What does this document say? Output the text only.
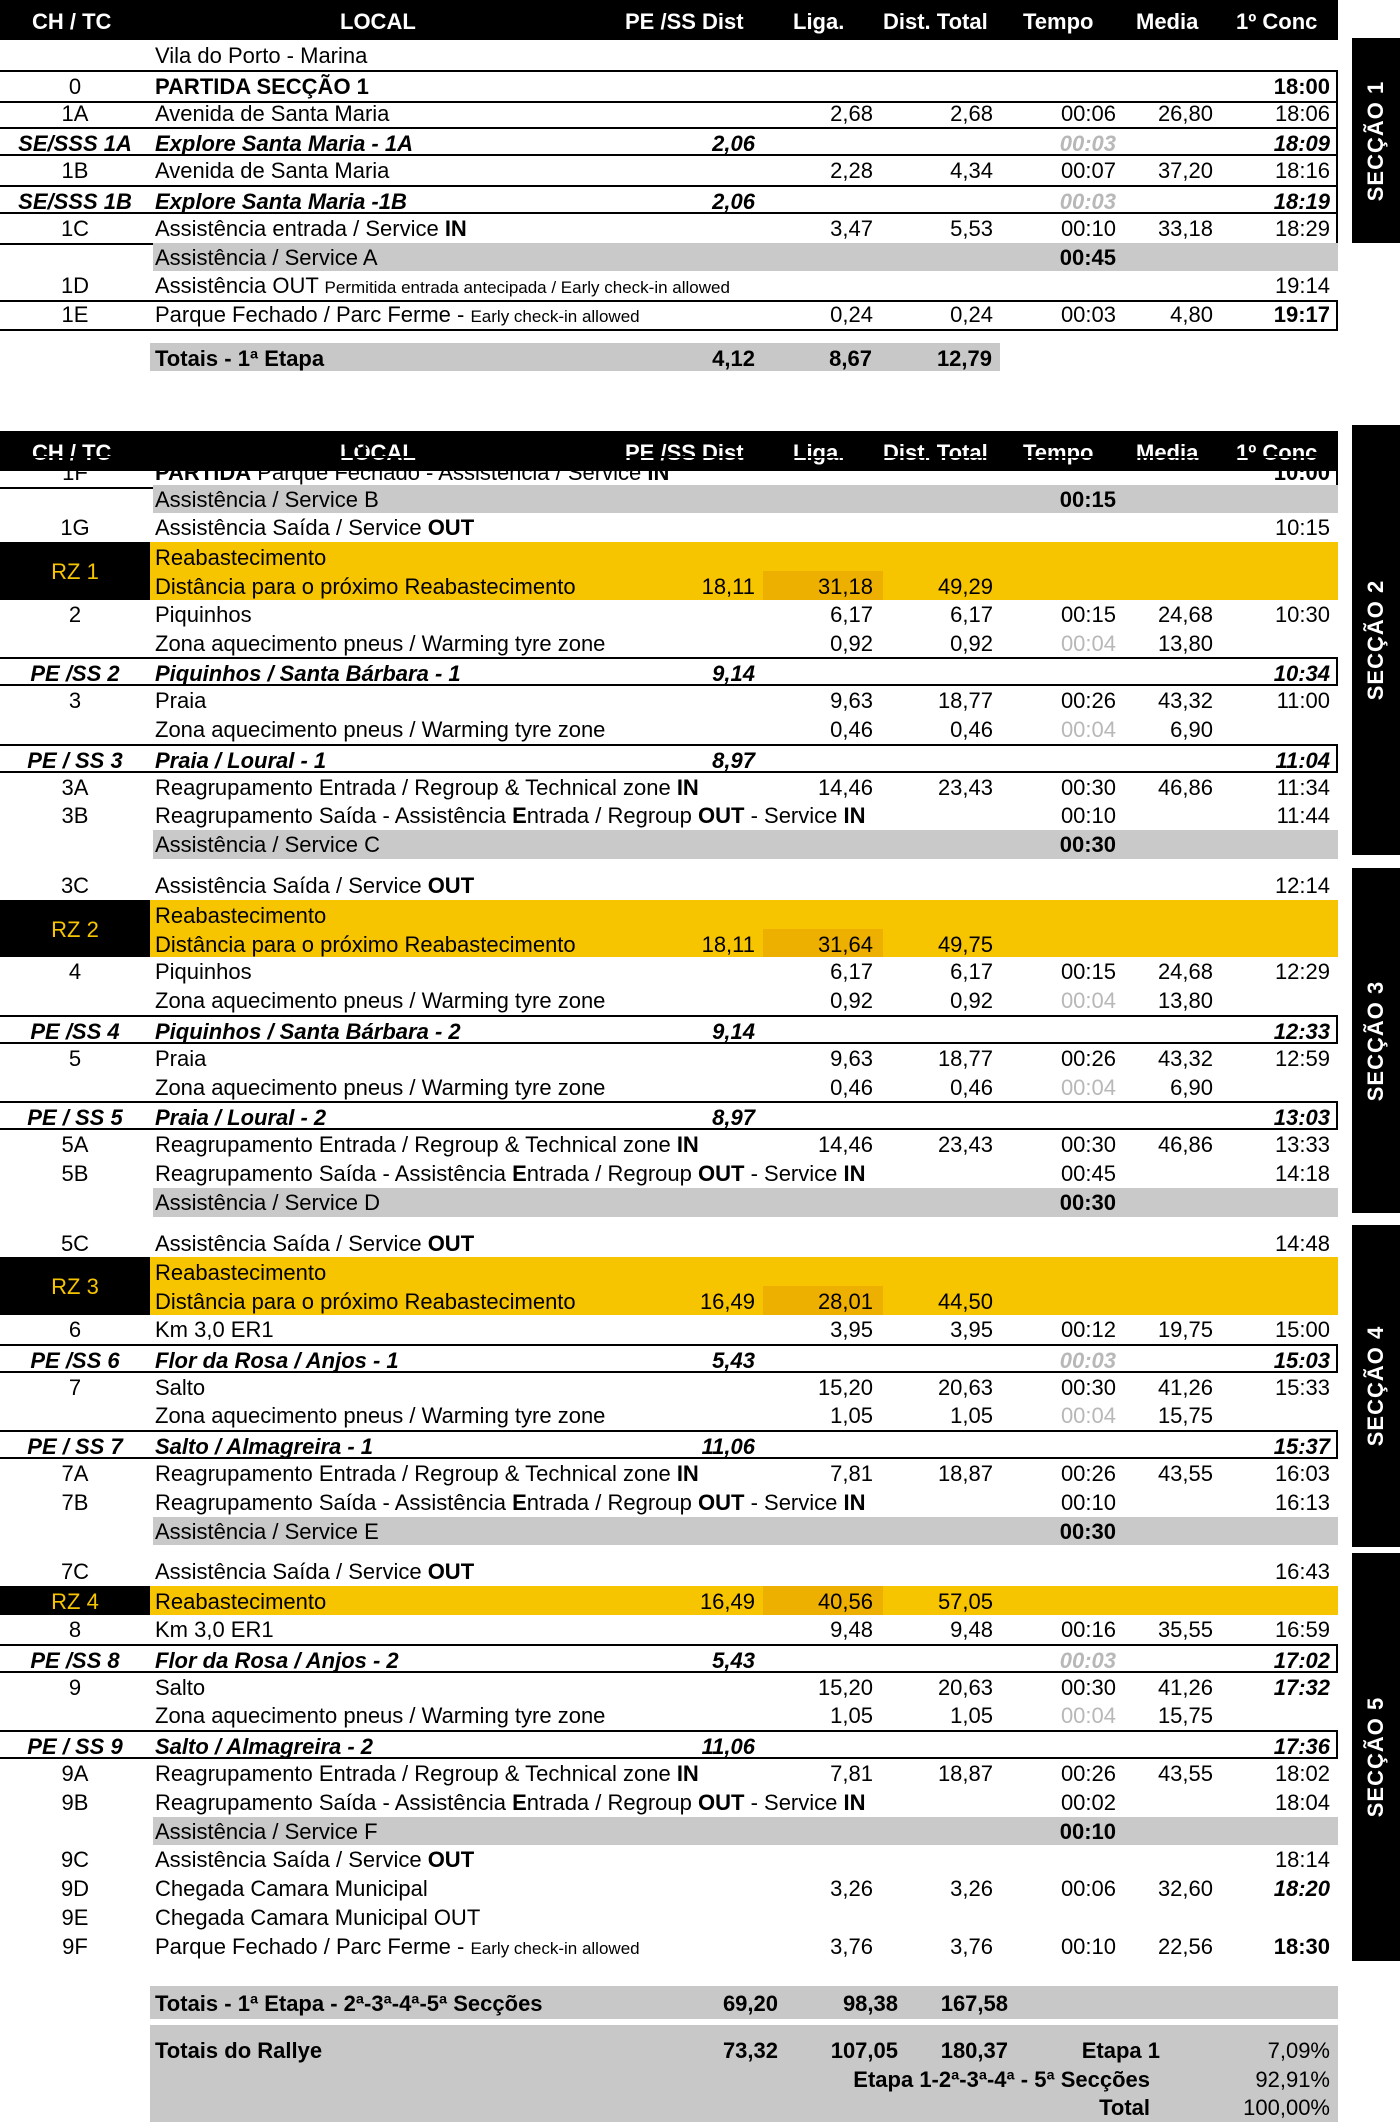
CH / TC	LOCAL	PE /SS Dist Liga. Dist. Total Tempo Media 1º Conc
Vila do Porto - Marina
0	PARTIDA SECÇÃO 1	18:00
1A	Avenida de Santa Maria	2,68	2,68	00:06 26,80	18:06
SE/SSS 1A	Explore Santa Maria - 1A	2,06	00:03	18:09
1B	Avenida de Santa Maria	2,28	4,34	00:07 37,20	18:16
SE/SSS 1B	Explore Santa Maria -1B	2,06	00:03	18:19
1C	Assistência entrada / Service IN	3,47	5,53	00:10 33,18	18:29
Assistência / Service A	00:45
1D	Assistência OUT Permitida entrada antecipada / Early check-in allowed	19:14
1E	Parque Fechado / Parc Ferme - Early check-in allowed	0,24	0,24	00:03 4,80	19:17
Totais - 1ª Etapa	4,12	8,67	12,79
CH / TC	LOCAL	PE /SS Dist Liga. Dist. Total Tempo Media 1º Conc
Vila do Porto - Marina
1F	PARTIDA Parque Fechado - Assistência / Service IN	10:00
Assistência / Service B	00:15
1G	Assistência Saída / Service OUT	10:15
RZ 1
Reabastecimento
Distância para o próximo Reabastecimento	18,11	31,18	49,29
2	Piquinhos	6,17	6,17	00:15 24,68	10:30
Zona aquecimento pneus / Warming tyre zone	0,92	0,92	00:04 13,80
PE /SS 2	Piquinhos / Santa Bárbara - 1	9,14	10:34
3	Praia	9,63	18,77	00:26 43,32	11:00
Zona aquecimento pneus / Warming tyre zone	0,46	0,46	00:04 6,90
PE / SS 3	Praia / Loural - 1	8,97	11:04
3A	Reagrupamento Entrada / Regroup & Technical zone IN	14,46	23,43	00:30 46,86	11:34
3B	Reagrupamento Saída - Assistência Entrada / Regroup OUT - Service IN	00:10	11:44
Assistência / Service C	00:30
3C	Assistência Saída / Service OUT	12:14
RZ 2
Reabastecimento
Distância para o próximo Reabastecimento	18,11	31,64	49,75
4	Piquinhos	6,17	6,17	00:15 24,68	12:29
Zona aquecimento pneus / Warming tyre zone	0,92	0,92	00:04 13,80
PE /SS 4	Piquinhos / Santa Bárbara - 2	9,14	12:33
5	Praia	9,63	18,77	00:26 43,32	12:59
Zona aquecimento pneus / Warming tyre zone	0,46	0,46	00:04 6,90
PE / SS 5	Praia / Loural - 2	8,97	13:03
5A	Reagrupamento Entrada / Regroup & Technical zone IN	14,46	23,43	00:30 46,86	13:33
5B	Reagrupamento Saída - Assistência Entrada / Regroup OUT - Service IN	00:45	14:18
Assistência / Service D	00:30
5C	Assistência Saída / Service OUT	14:48
RZ 3
Reabastecimento
Distância para o próximo Reabastecimento	16,49	28,01	44,50
6	Km 3,0 ER1	3,95	3,95	00:12 19,75	15:00
PE /SS 6	Flor da Rosa / Anjos - 1	5,43	00:03	15:03
7	Salto	15,20	20,63	00:30 41,26	15:33
Zona aquecimento pneus / Warming tyre zone	1,05	1,05	00:04 15,75
PE / SS 7	Salto / Almagreira - 1	11,06	15:37
7A	Reagrupamento Entrada / Regroup & Technical zone IN	7,81	18,87	00:26 43,55	16:03
7B	Reagrupamento Saída - Assistência Entrada / Regroup OUT - Service IN	00:10	16:13
Assistência / Service E	00:30
7C	Assistência Saída / Service OUT	16:43
RZ 4	Reabastecimento	16,49	40,56	57,05
8	Km 3,0 ER1	9,48	9,48	00:16 35,55	16:59
PE /SS 8	Flor da Rosa / Anjos - 2	5,43	00:03	17:02
9	Salto	15,20	20,63	00:30 41,26	17:32
Zona aquecimento pneus / Warming tyre zone	1,05	1,05	00:04 15,75
PE / SS 9	Salto / Almagreira - 2	11,06	17:36
9A	Reagrupamento Entrada / Regroup & Technical zone IN	7,81	18,87	00:26 43,55	18:02
9B	Reagrupamento Saída - Assistência Entrada / Regroup OUT - Service IN	00:02	18:04
Assistência / Service F	00:10
9C	Assistência Saída / Service OUT	18:14
9D	Chegada Camara Municipal	3,26	3,26	00:06 32,60	18:20
9E	Chegada Camara Municipal OUT
9F	Parque Fechado / Parc Ferme - Early check-in allowed	3,76	3,76	00:10 22,56	18:30
Totais - 1ª Etapa - 2ª-3ª-4ª-5ª Secções	69,20	98,38 167,58
Totais do Rallye	73,32 107,05 180,37	Etapa 1	7,09%
Etapa 1-2ª-3ª-4ª - 5ª Secções	92,91%
Total	100,00%
SECÇÃO 1
SECÇÃO 2
SECÇÃO 3
SECÇÃO 4
SECÇÃO 5
